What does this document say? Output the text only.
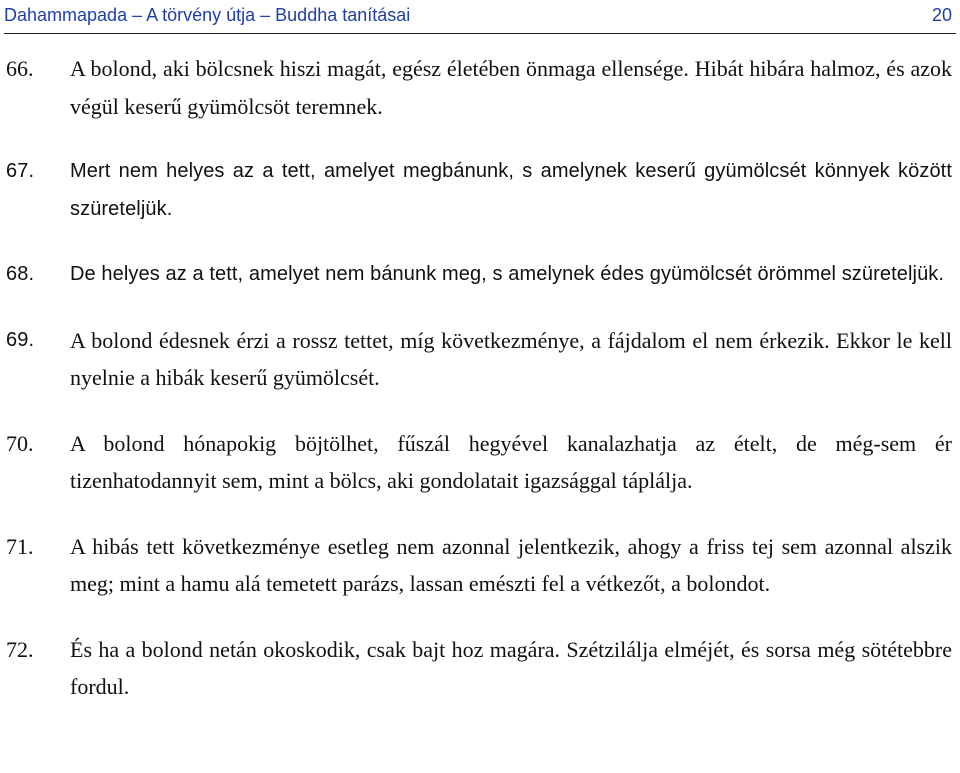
Dahammapada – A törvény útja – Buddha tanításai	20
66. A bolond, aki bölcsnek hiszi magát, egész életében önmaga ellensége. Hibát hibára halmoz, és azok végül keserű gyümölcsöt teremnek.
67. Mert nem helyes az a tett, amelyet megbánunk, s amelynek keserű gyümölcsét könnyek között szüreteljük.
68. De helyes az a tett, amelyet nem bánunk meg, s amelynek édes gyümölcsét örömmel szüreteljük.
69. A bolond édesnek érzi a rossz tettet, míg következménye, a fájdalom el nem érkezik. Ekkor le kell nyelnie a hibák keserű gyümölcsét.
70. A bolond hónapokig böjtölhet, fűszál hegyével kanalazhatja az ételt, de még-sem ér tizenhatodannyit sem, mint a bölcs, aki gondolatait igazsággal táplálja.
71. A hibás tett következménye esetleg nem azonnal jelentkezik, ahogy a friss tej sem azonnal alszik meg; mint a hamu alá temetett parázs, lassan emészti fel a vétkezőt, a bolondot.
72. És ha a bolond netán okoskodik, csak bajt hoz magára. Szétzilálja elméjét, és sorsa még sötétebbre fordul.
